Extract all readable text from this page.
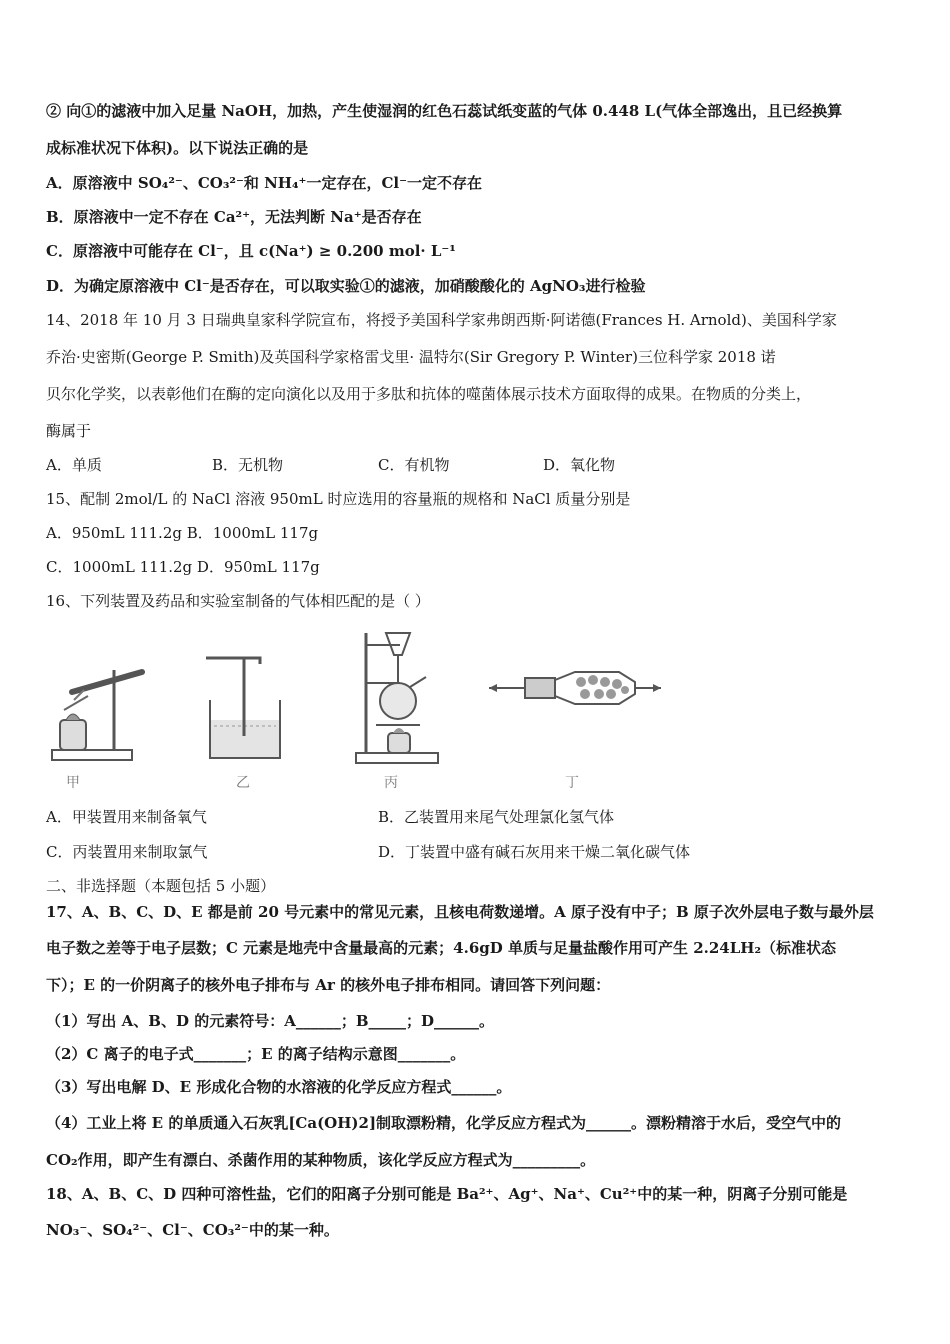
② 向①的滤液中加入足量 NaOH，加热，产生使湿润的红色石蕊试纸变蓝的气体 0.448 L(气体全部逸出，且已经换算
成标准状况下体积)。以下说法正确的是
A．原溶液中 SO₄²⁻、CO₃²⁻和 NH₄⁺一定存在，Cl⁻一定不存在
B．原溶液中一定不存在 Ca²⁺，无法判断 Na⁺是否存在
C．原溶液中可能存在 Cl⁻，且 c(Na⁺) ≥ 0.200 mol· L⁻¹
D．为确定原溶液中 Cl⁻是否存在，可以取实验①的滤液，加硝酸酸化的 AgNO₃进行检验
14、2018 年 10 月 3 日瑞典皇家科学院宣布，将授予美国科学家弗朗西斯·阿诺德(Frances H. Arnold)、美国科学家
乔治·史密斯(George P. Smith)及英国科学家格雷戈里· 温特尔(Sir Gregory P. Winter)三位科学家 2018 诺
贝尔化学奖，以表彰他们在酶的定向演化以及用于多肽和抗体的噬菌体展示技术方面取得的成果。在物质的分类上，
酶属于
A．单质	B．无机物	C．有机物	D．氧化物
15、配制 2mol/L 的 NaCl 溶液 950mL 时应选用的容量瓶的规格和 NaCl 质量分别是
A．950mL 111.2g B．1000mL 117g
C．1000mL 111.2g D．950mL 117g
16、下列装置及药品和实验室制备的气体相匹配的是（ ）
甲	乙	丙	丁
A．甲装置用来制备氧气	B．乙装置用来尾气处理氯化氢气体
C．丙装置用来制取氯气	D．丁装置中盛有碱石灰用来干燥二氧化碳气体
二、非选择题（本题包括 5 小题）
17、A、B、C、D、E 都是前 20 号元素中的常见元素，且核电荷数递增。A 原子没有中子；B 原子次外层电子数与最外层
电子数之差等于电子层数；C 元素是地壳中含量最高的元素；4.6gD 单质与足量盐酸作用可产生 2.24LH₂（标准状态
下）；E 的一价阴离子的核外电子排布与 Ar 的核外电子排布相同。请回答下列问题：
（1）写出 A、B、D 的元素符号：A______；B_____；D______。
（2）C 离子的电子式_______；E 的离子结构示意图_______。
（3）写出电解 D、E 形成化合物的水溶液的化学反应方程式______。
（4）工业上将 E 的单质通入石灰乳[Ca(OH)2]制取漂粉精，化学反应方程式为______。漂粉精溶于水后，受空气中的
CO₂作用，即产生有漂白、杀菌作用的某种物质，该化学反应方程式为_________。
18、A、B、C、D 四种可溶性盐，它们的阳离子分别可能是 Ba²⁺、Ag⁺、Na⁺、Cu²⁺中的某一种，阴离子分别可能是
NO₃⁻、SO₄²⁻、Cl⁻、CO₃²⁻中的某一种。
